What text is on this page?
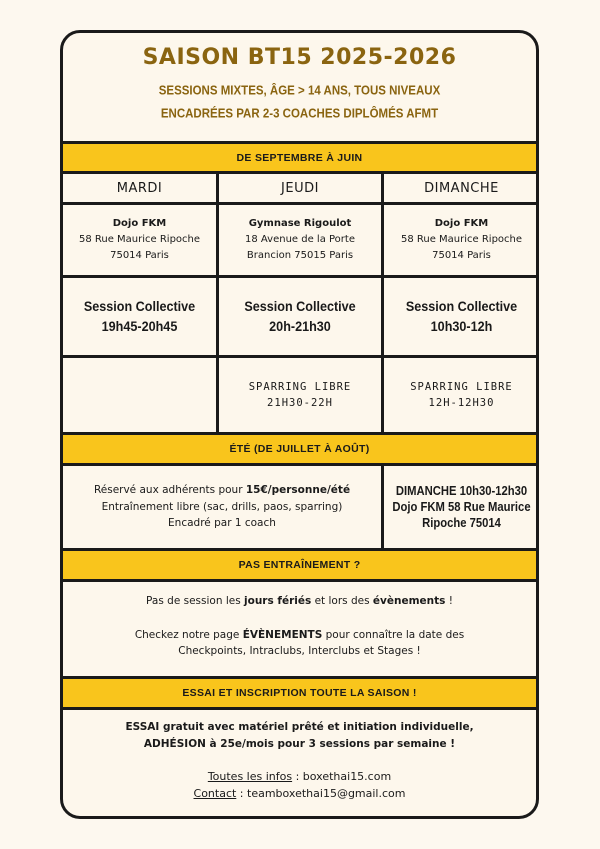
SAISON BT15 2025-2026
SESSIONS MIXTES, ÂGE > 14 ANS, TOUS NIVEAUX
ENCADRÉES PAR 2-3 COACHES DIPLÔMÉS AFMT
DE SEPTEMBRE À JUIN
MARDI
Dojo FKM
58 Rue Maurice Ripoche
75014 Paris
Session Collective
19h45-20h45
JEUDI
Gymnase Rigoulot
18 Avenue de la Porte
Brancion 75015 Paris
Session Collective
20h-21h30
SPARRING LIBRE
21H30-22H
DIMANCHE
Dojo FKM
58 Rue Maurice Ripoche
75014 Paris
Session Collective
10h30-12h
SPARRING LIBRE
12H-12H30
ÉTÉ (DE JUILLET À AOÛT)
Réservé aux adhérents pour 15€/personne/été
Entraînement libre (sac, drills, paos, sparring)
Encadré par 1 coach
DIMANCHE 10h30-12h30
Dojo FKM 58 Rue Maurice
Ripoche 75014
PAS ENTRAÎNEMENT ?
Pas de session les jours fériés et lors des évènements !
Checkez notre page ÉVÈNEMENTS pour connaître la date des
Checkpoints, Intraclubs, Interclubs et Stages !
ESSAI ET INSCRIPTION TOUTE LA SAISON !
ESSAI gratuit avec matériel prêté et initiation individuelle,
ADHÉSION à 25e/mois pour 3 sessions par semaine !
Toutes les infos : boxethai15.com
Contact : teamboxethai15@gmail.com
